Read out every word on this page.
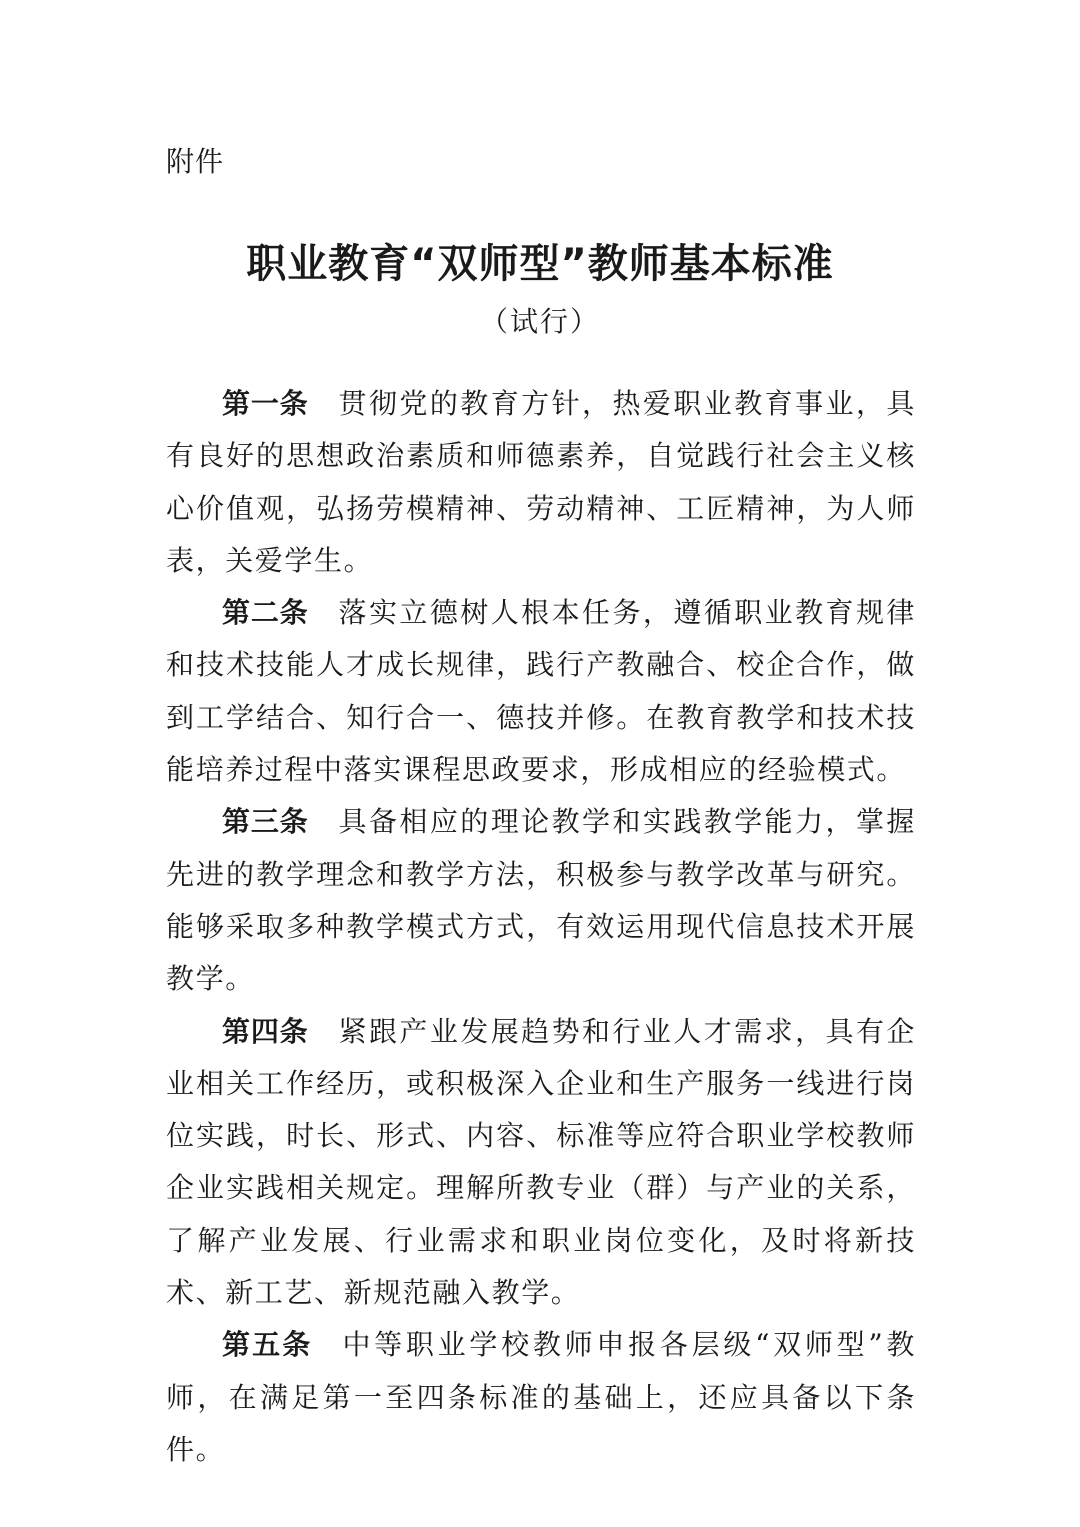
附件
职业教育“双师型”教师基本标准
（试行）

第一条 贯彻党的教育方针，热爱职业教育事业，具有良好的思想政治素质和师德素养，自觉践行社会主义核心价值观，弘扬劳模精神、劳动精神、工匠精神，为人师表，关爱学生。

第二条 落实立德树人根本任务，遵循职业教育规律和技术技能人才成长规律，践行产教融合、校企合作，做到工学结合、知行合一、德技并修。在教育教学和技术技能培养过程中落实课程思政要求，形成相应的经验模式。

第三条 具备相应的理论教学和实践教学能力，掌握先进的教学理念和教学方法，积极参与教学改革与研究。能够采取多种教学模式方式，有效运用现代信息技术开展教学。

第四条 紧跟产业发展趋势和行业人才需求，具有企业相关工作经历，或积极深入企业和生产服务一线进行岗位实践，时长、形式、内容、标准等应符合职业学校教师企业实践相关规定。理解所教专业（群）与产业的关系，了解产业发展、行业需求和职业岗位变化，及时将新技术、新工艺、新规范融入教学。

第五条 中等职业学校教师申报各层级“双师型”教师，在满足第一至四条标准的基础上，还应具备以下条件。
